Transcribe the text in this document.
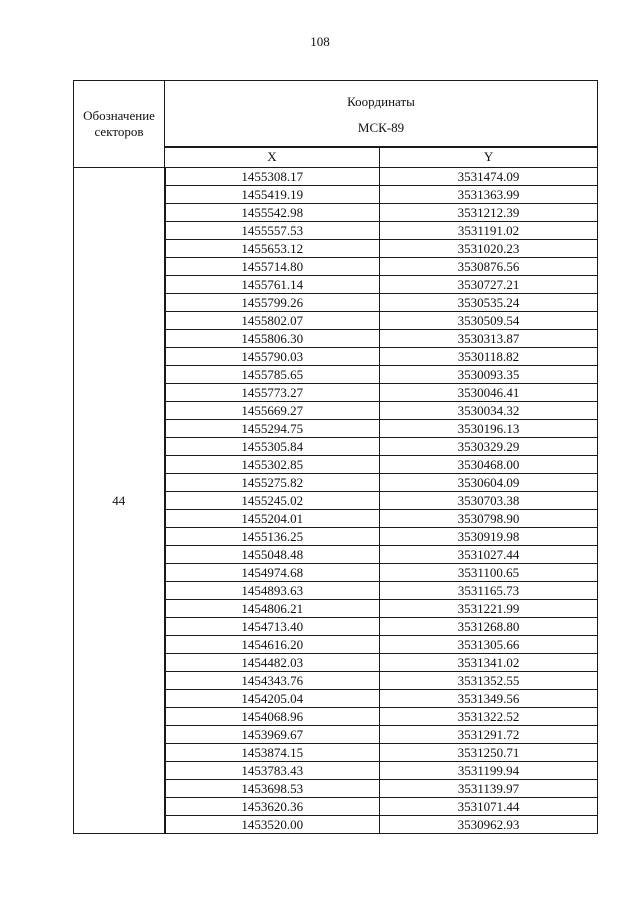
108
Обозначение секторов	Координаты
МСК-89	

	X	Y
44	1455308.17	3531474.09
	1455419.19	3531363.99
	1455542.98	3531212.39
	1455557.53	3531191.02
	1455653.12	3531020.23
	1455714.80	3530876.56
	1455761.14	3530727.21
	1455799.26	3530535.24
	1455802.07	3530509.54
	1455806.30	3530313.87
	1455790.03	3530118.82
	1455785.65	3530093.35
	1455773.27	3530046.41
	1455669.27	3530034.32
	1455294.75	3530196.13
	1455305.84	3530329.29
	1455302.85	3530468.00
	1455275.82	3530604.09
	1455245.02	3530703.38
	1455204.01	3530798.90
	1455136.25	3530919.98
	1455048.48	3531027.44
	1454974.68	3531100.65
	1454893.63	3531165.73
	1454806.21	3531221.99
	1454713.40	3531268.80
	1454616.20	3531305.66
	1454482.03	3531341.02
	1454343.76	3531352.55
	1454205.04	3531349.56
	1454068.96	3531322.52
	1453969.67	3531291.72
	1453874.15	3531250.71
	1453783.43	3531199.94
	1453698.53	3531139.97
	1453620.36	3531071.44
	1453520.00	3530962.93
